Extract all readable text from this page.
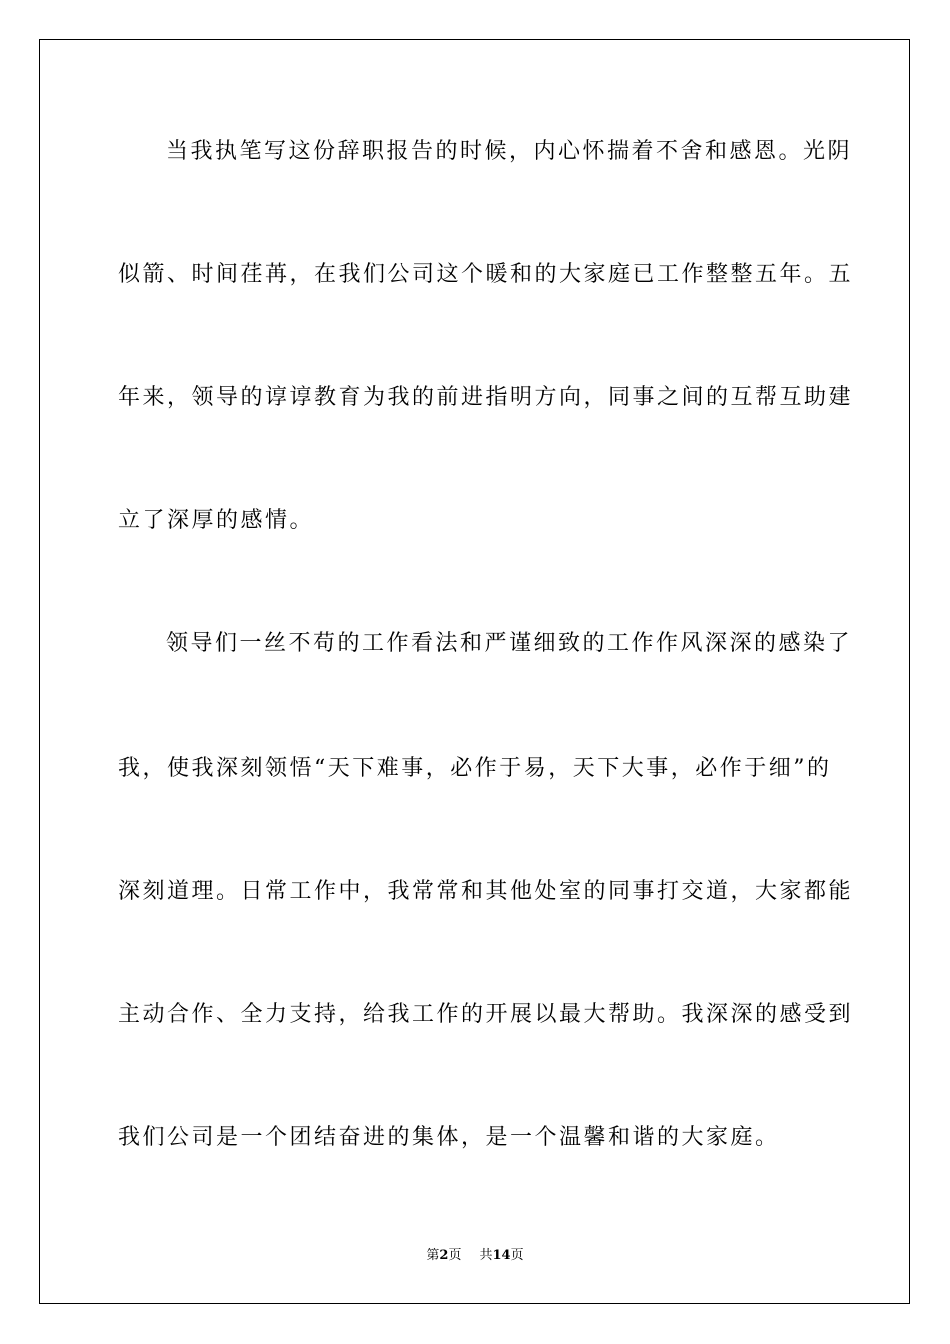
当我执笔写这份辞职报告的时候，内心怀揣着不舍和感恩。光阴
似箭、时间荏苒，在我们公司这个暖和的大家庭已工作整整五年。五
年来，领导的谆谆教育为我的前进指明方向，同事之间的互帮互助建
立了深厚的感情。
领导们一丝不苟的工作看法和严谨细致的工作作风深深的感染了
我，使我深刻领悟“天下难事，必作于易，天下大事，必作于细”的
深刻道理。日常工作中，我常常和其他处室的同事打交道，大家都能
主动合作、全力支持，给我工作的开展以最大帮助。我深深的感受到
我们公司是一个团结奋进的集体，是一个温馨和谐的大家庭。
第2页 共14页
